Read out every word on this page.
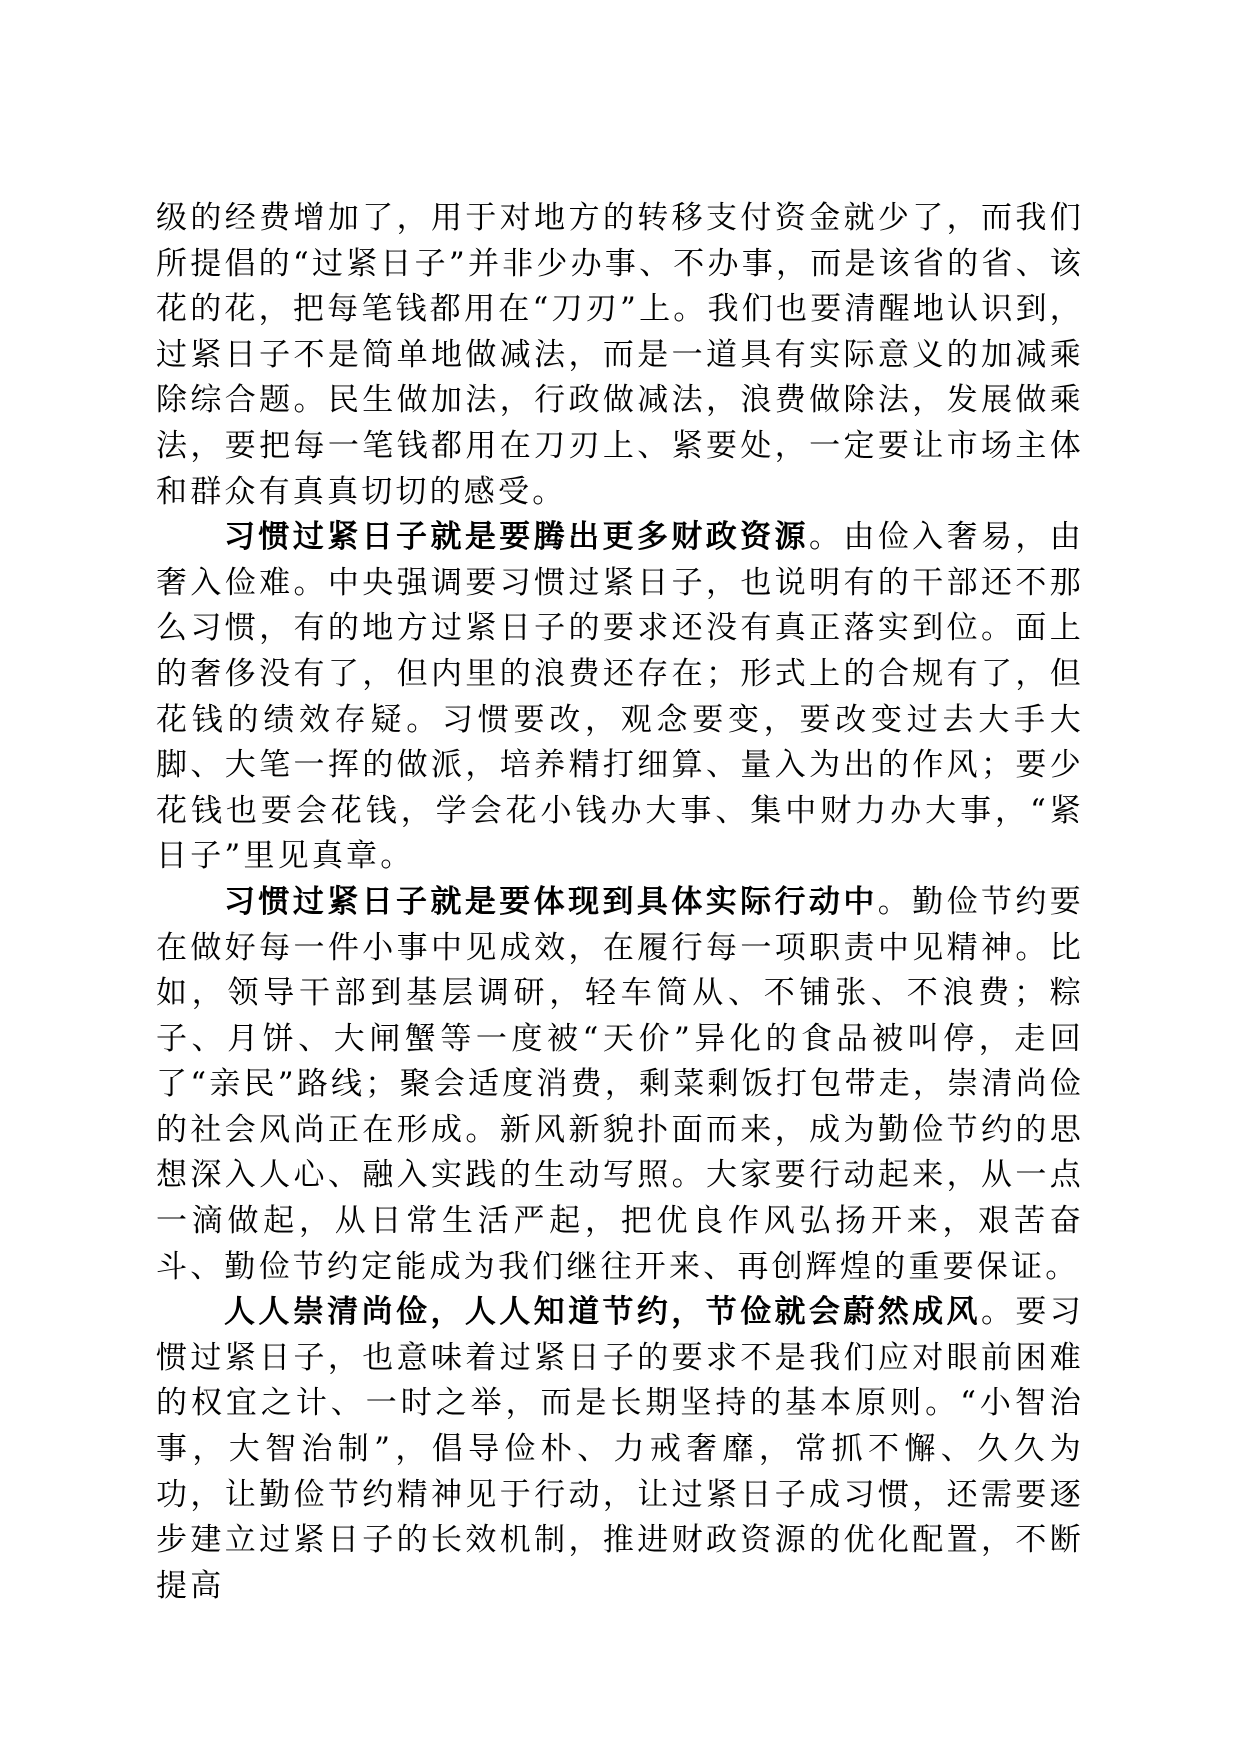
级的经费增加了，用于对地方的转移支付资金就少了，而我们所提倡的“过紧日子”并非少办事、不办事，而是该省的省、该花的花，把每笔钱都用在“刀刃”上。我们也要清醒地认识到，过紧日子不是简单地做减法，而是一道具有实际意义的加减乘除综合题。民生做加法，行政做减法，浪费做除法，发展做乘法，要把每一笔钱都用在刀刃上、紧要处，一定要让市场主体和群众有真真切切的感受。

习惯过紧日子就是要腾出更多财政资源。由俭入奢易，由奢入俭难。中央强调要习惯过紧日子，也说明有的干部还不那么习惯，有的地方过紧日子的要求还没有真正落实到位。面上的奢侈没有了，但内里的浪费还存在；形式上的合规有了，但花钱的绩效存疑。习惯要改，观念要变，要改变过去大手大脚、大笔一挥的做派，培养精打细算、量入为出的作风；要少花钱也要会花钱，学会花小钱办大事、集中财力办大事，“紧日子”里见真章。

习惯过紧日子就是要体现到具体实际行动中。勤俭节约要在做好每一件小事中见成效，在履行每一项职责中见精神。比如，领导干部到基层调研，轻车简从、不铺张、不浪费；粽子、月饼、大闸蟹等一度被“天价”异化的食品被叫停，走回了“亲民”路线；聚会适度消费，剩菜剩饭打包带走，崇清尚俭的社会风尚正在形成。新风新貌扑面而来，成为勤俭节约的思想深入人心、融入实践的生动写照。大家要行动起来，从一点一滴做起，从日常生活严起，把优良作风弘扬开来，艰苦奋斗、勤俭节约定能成为我们继往开来、再创辉煌的重要保证。

人人崇清尚俭，人人知道节约，节俭就会蔚然成风。要习惯过紧日子，也意味着过紧日子的要求不是我们应对眼前困难的权宜之计、一时之举，而是长期坚持的基本原则。“小智治事，大智治制”，倡导俭朴、力戒奢靡，常抓不懈、久久为功，让勤俭节约精神见于行动，让过紧日子成习惯，还需要逐步建立过紧日子的长效机制，推进财政资源的优化配置，不断提高
